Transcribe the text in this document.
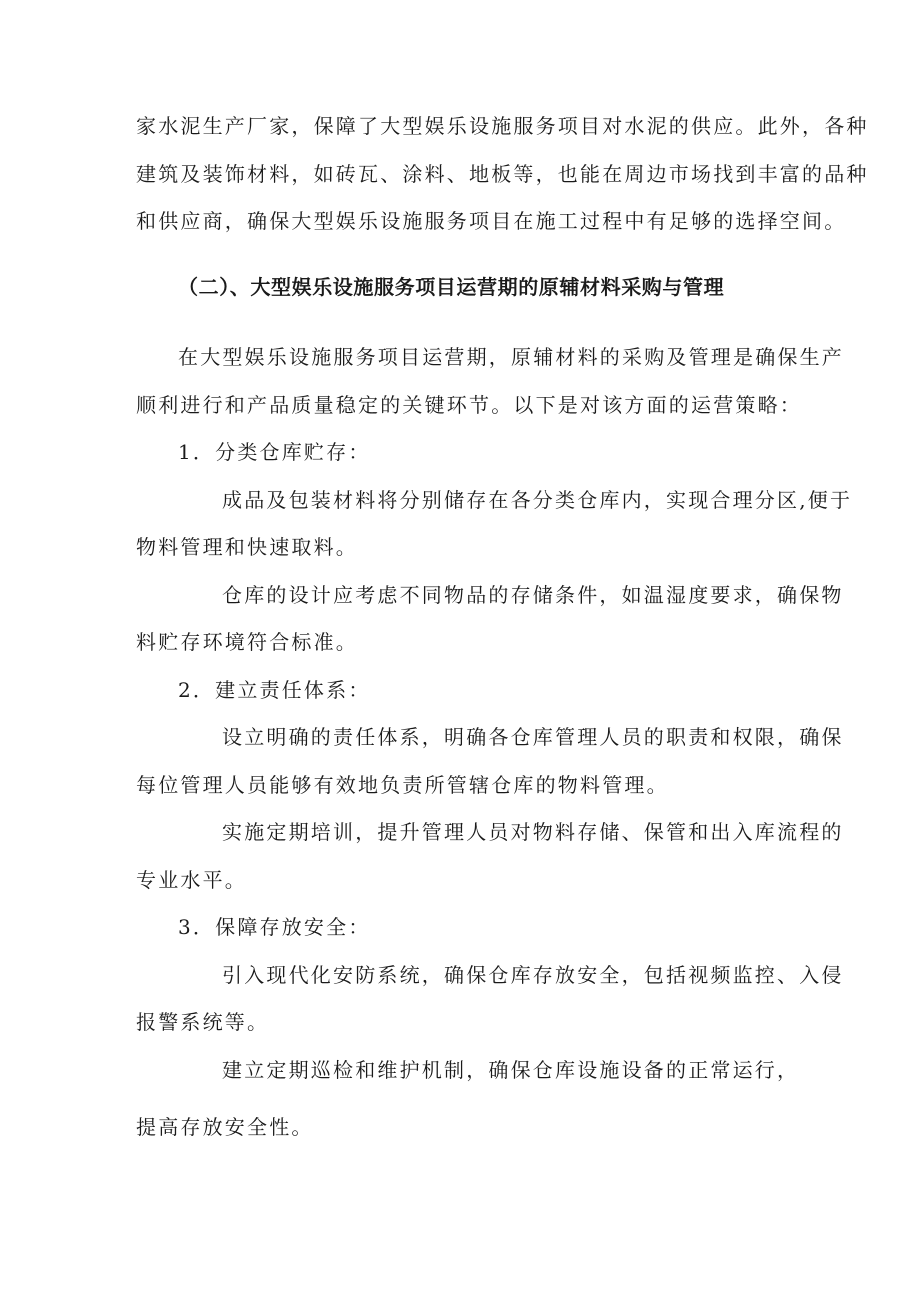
家水泥生产厂家，保障了大型娱乐设施服务项目对水泥的供应。此外，各种
建筑及装饰材料，如砖瓦、涂料、地板等，也能在周边市场找到丰富的品种
和供应商，确保大型娱乐设施服务项目在施工过程中有足够的选择空间。
（二）、大型娱乐设施服务项目运营期的原辅材料采购与管理
在大型娱乐设施服务项目运营期，原辅材料的采购及管理是确保生产
顺利进行和产品质量稳定的关键环节。以下是对该方面的运营策略：
1．分类仓库贮存：
成品及包装材料将分别储存在各分类仓库内，实现合理分区,便于
物料管理和快速取料。
仓库的设计应考虑不同物品的存储条件，如温湿度要求，确保物
料贮存环境符合标准。
2．建立责任体系：
设立明确的责任体系，明确各仓库管理人员的职责和权限，确保
每位管理人员能够有效地负责所管辖仓库的物料管理。
实施定期培训，提升管理人员对物料存储、保管和出入库流程的
专业水平。
3．保障存放安全：
引入现代化安防系统，确保仓库存放安全，包括视频监控、入侵
报警系统等。
建立定期巡检和维护机制，确保仓库设施设备的正常运行，
提高存放安全性。
